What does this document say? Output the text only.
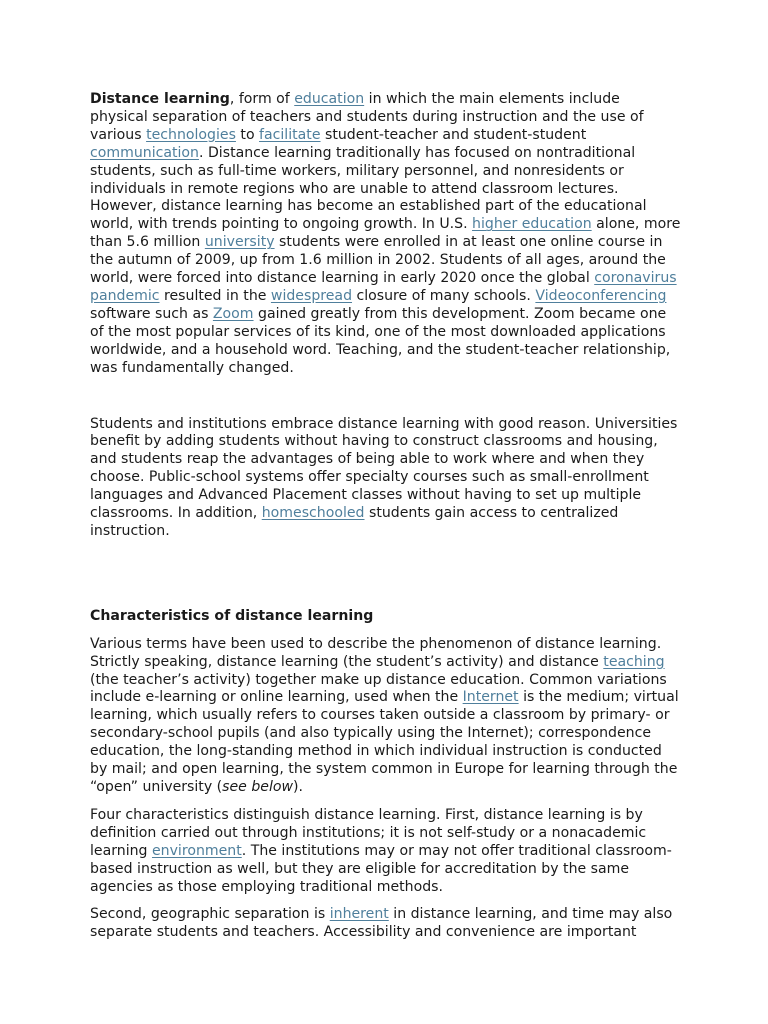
Distance learning, form of education in which the main elements include physical separation of teachers and students during instruction and the use of various technologies to facilitate student-teacher and student-student communication. Distance learning traditionally has focused on nontraditional students, such as full-time workers, military personnel, and nonresidents or individuals in remote regions who are unable to attend classroom lectures. However, distance learning has become an established part of the educational world, with trends pointing to ongoing growth. In U.S. higher education alone, more than 5.6 million university students were enrolled in at least one online course in the autumn of 2009, up from 1.6 million in 2002. Students of all ages, around the world, were forced into distance learning in early 2020 once the global coronavirus pandemic resulted in the widespread closure of many schools. Videoconferencing software such as Zoom gained greatly from this development. Zoom became one of the most popular services of its kind, one of the most downloaded applications worldwide, and a household word. Teaching, and the student-teacher relationship, was fundamentally changed.

Students and institutions embrace distance learning with good reason. Universities benefit by adding students without having to construct classrooms and housing, and students reap the advantages of being able to work where and when they choose. Public-school systems offer specialty courses such as small-enrollment languages and Advanced Placement classes without having to set up multiple classrooms. In addition, homeschooled students gain access to centralized instruction.

Characteristics of distance learning

Various terms have been used to describe the phenomenon of distance learning. Strictly speaking, distance learning (the student’s activity) and distance teaching (the teacher’s activity) together make up distance education. Common variations include e-learning or online learning, used when the Internet is the medium; virtual learning, which usually refers to courses taken outside a classroom by primary- or secondary-school pupils (and also typically using the Internet); correspondence education, the long-standing method in which individual instruction is conducted by mail; and open learning, the system common in Europe for learning through the “open” university (see below).

Four characteristics distinguish distance learning. First, distance learning is by definition carried out through institutions; it is not self-study or a nonacademic learning environment. The institutions may or may not offer traditional classroom-based instruction as well, but they are eligible for accreditation by the same agencies as those employing traditional methods.

Second, geographic separation is inherent in distance learning, and time may also separate students and teachers. Accessibility and convenience are important
